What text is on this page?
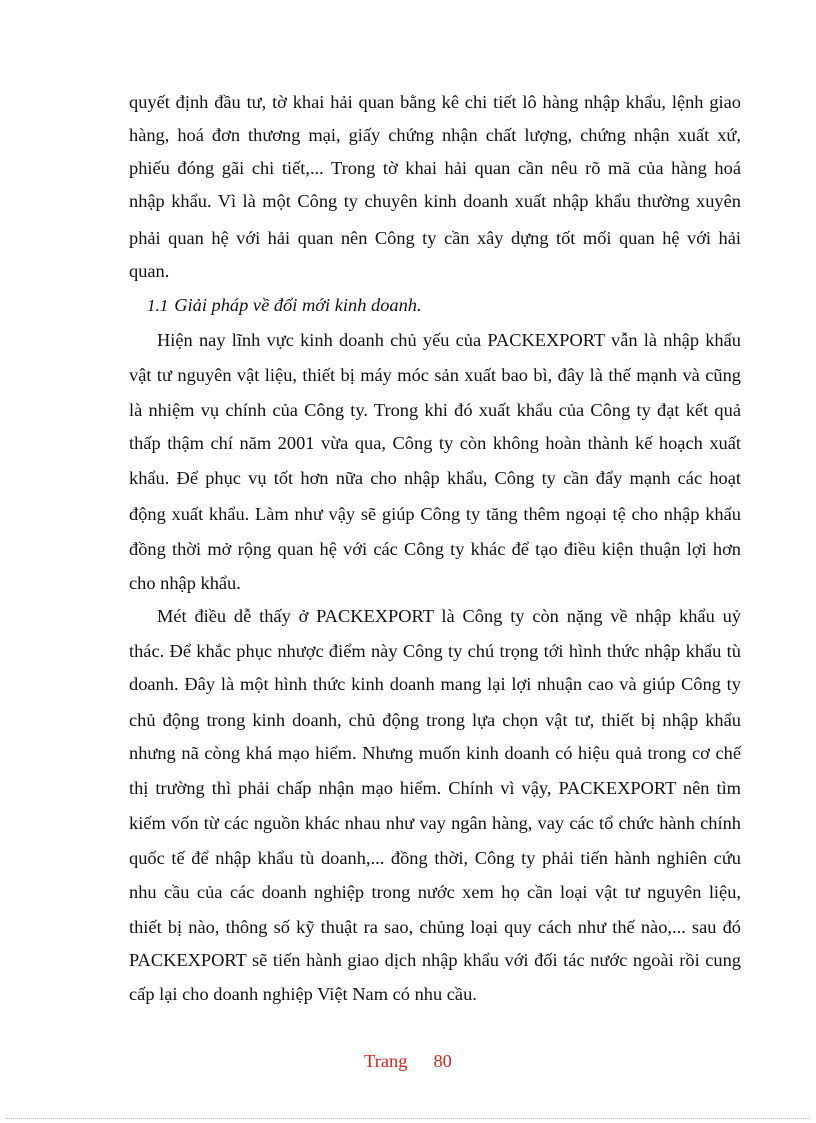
quyết định đầu tư, tờ khai hải quan bằng kê chi tiết lô hàng nhập khẩu, lệnh giao
hàng, hoá đơn thương mại, giấy chứng nhận chất lượng, chứng nhận xuất xứ,
phiếu đóng gãi chi tiết,... Trong tờ khai hải quan cần nêu rõ mã của hàng hoá
nhập khẩu. Vì là một Công ty chuyên kinh doanh xuất nhập khẩu thường xuyên
phải quan hệ với hải quan nên Công ty cần xây dựng tốt mối quan hệ với hải
quan.
1.1 Giải pháp về đổi mới kinh doanh.
Hiện nay lĩnh vực kinh doanh chủ yếu của PACKEXPORT vẫn là nhập khẩu
vật tư nguyên vật liệu, thiết bị máy móc sản xuất bao bì, đây là thế mạnh và cũng
là nhiệm vụ chính của Công ty. Trong khi đó xuất khẩu của Công ty đạt kết quả
thấp thậm chí năm 2001 vừa qua, Công ty còn không hoàn thành kế hoạch xuất
khẩu. Để phục vụ tốt hơn nữa cho nhập khẩu, Công ty cần đẩy mạnh các hoạt
động xuất khẩu. Làm như vậy sẽ giúp Công ty tăng thêm ngoại tệ cho nhập khẩu
đồng thời mở rộng quan hệ với các Công ty khác để tạo điều kiện thuận lợi hơn
cho nhập khẩu.
Mét điều dễ thấy ở PACKEXPORT là Công ty còn nặng về nhập khẩu uỷ
thác. Để khắc phục nhược điểm này Công ty chú trọng tới hình thức nhập khẩu tù
doanh. Đây là một hình thức kinh doanh mang lại lợi nhuận cao và giúp Công ty
chủ động trong kinh doanh, chủ động trong lựa chọn vật tư, thiết bị nhập khẩu
nhưng nã còng khá mạo hiểm. Nhưng muốn kinh doanh có hiệu quả trong cơ chế
thị trường thì phải chấp nhận mạo hiểm. Chính vì vậy, PACKEXPORT nên tìm
kiếm vốn từ các nguồn khác nhau như vay ngân hàng, vay các tổ chức hành chính
quốc tế để nhập khẩu tù doanh,... đồng thời, Công ty phải tiến hành nghiên cứu
nhu cầu của các doanh nghiệp trong nước xem họ cần loại vật tư nguyên liệu,
thiết bị nào, thông số kỹ thuật ra sao, chủng loại quy cách như thế nào,... sau đó
PACKEXPORT sẽ tiến hành giao dịch nhập khẩu với đối tác nước ngoài rồi cung
cấp lại cho doanh nghiệp Việt Nam có nhu cầu.
Trang 80
